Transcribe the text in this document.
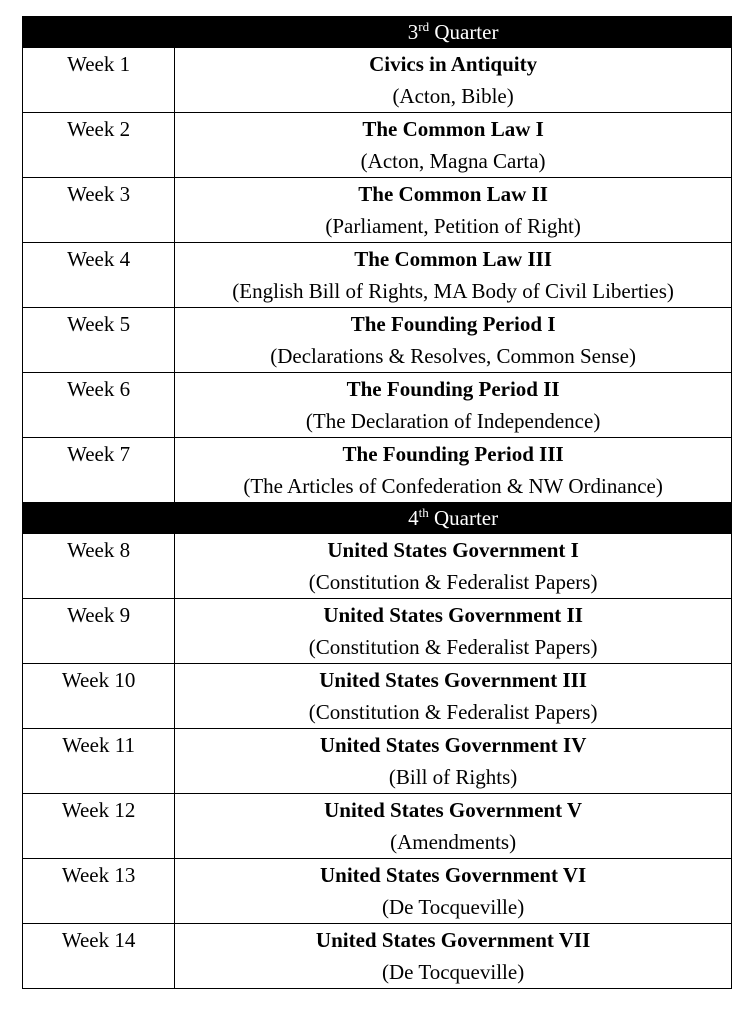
	3rd Quarter
Week 1	Civics in Antiquity
(Acton, Bible)

Week 2	The Common Law I
(Acton, Magna Carta)

Week 3	The Common Law II
(Parliament, Petition of Right)

Week 4	The Common Law III
(English Bill of Rights, MA Body of Civil Liberties)

Week 5	The Founding Period I
(Declarations & Resolves, Common Sense)

Week 6	The Founding Period II
(The Declaration of Independence)

Week 7	The Founding Period III
(The Articles of Confederation & NW Ordinance)

	4th Quarter
Week 8	United States Government I
(Constitution & Federalist Papers)

Week 9	United States Government II
(Constitution & Federalist Papers)

Week 10	United States Government III
(Constitution & Federalist Papers)

Week 11	United States Government IV
(Bill of Rights)

Week 12	United States Government V
(Amendments)

Week 13	United States Government VI
(De Tocqueville)

Week 14	United States Government VII
(De Tocqueville)
